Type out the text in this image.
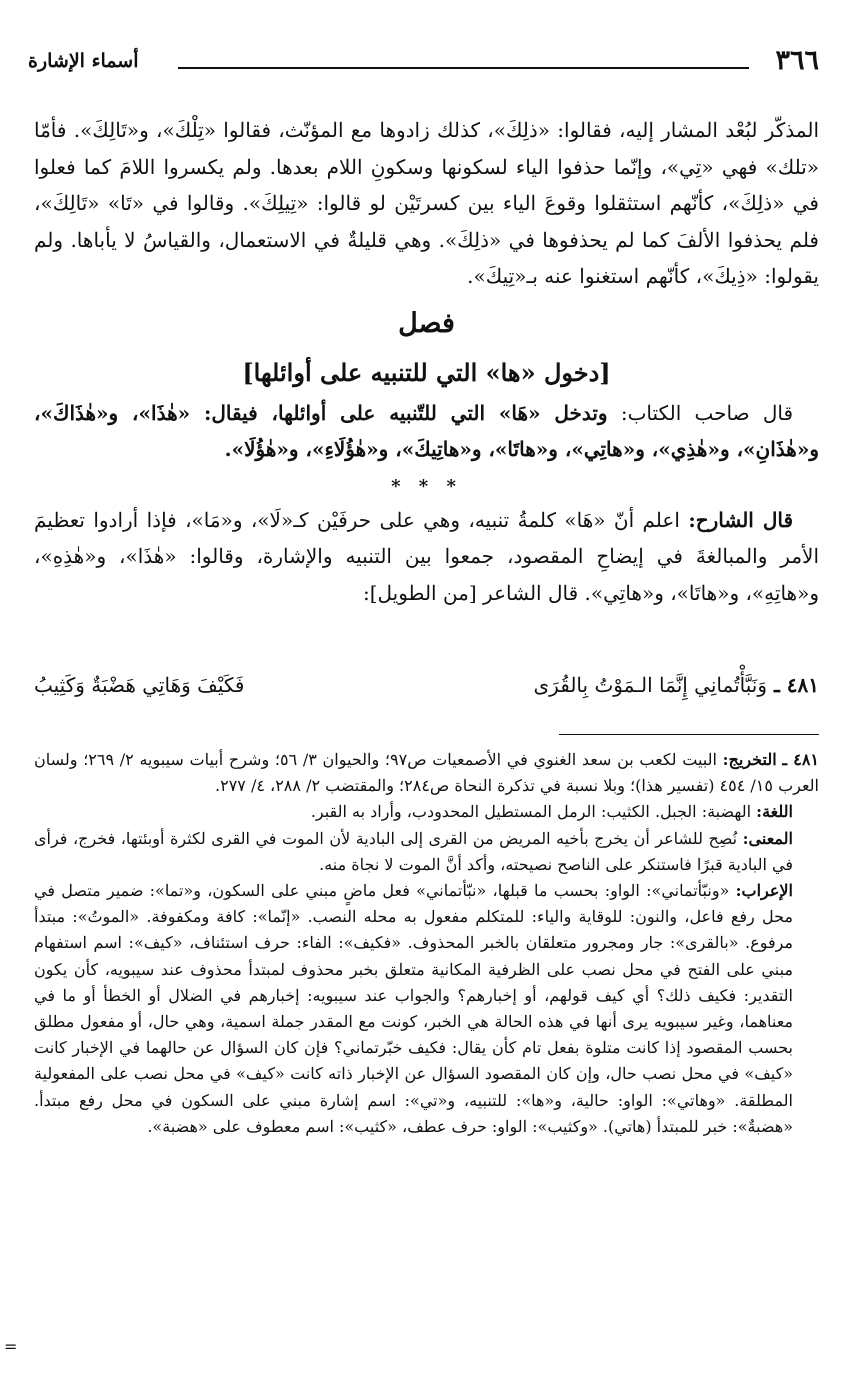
٣٦٦
أسماء الإشارة

المذكّر لبُعْد المشار إليه، فقالوا: «ذلِكَ»، كذلك زادوها مع المؤنّث، فقالوا «تِلْكَ»، و«تَالِكَ». فأمّا «تلك» فهي «تِي»، وإنّما حذفوا الياء لسكونها وسكونِ اللام بعدها. ولم يكسروا اللامَ كما فعلوا في «ذلِكَ»، كأنّهم استثقلوا وقوعَ الياء بين كسرتَيْن لو قالوا: «تِيلِكَ». وقالوا في «تَا» «تَالِكَ»، فلم يحذفوا الألفَ كما لم يحذفوها في «ذلِكَ». وهي قليلةٌ في الاستعمال، والقياسُ لا يأباها. ولم يقولوا: «ذِيكَ»، كأنّهم استغنوا عنه بـ«تِيكَ».

فصل

[دخول «ها» التي للتنبيه على أوائلها]

قال صاحب الكتاب: وتدخل «هَا» التي للتّنبيه على أوائلها، فيقال: «هٰذَا»، و«هٰذَاكَ»، و«هٰذَانِ»، و«هٰذِي»، و«هاتِي»، و«هاتَا»، و«هاتِيكَ»، و«هٰؤُلَاءِ»، و«هٰؤُلَا».

* * *

قال الشارح: اعلم أنّ «هَا» كلمةُ تنبيه، وهي على حرفَيْن كـ«لَا»، و«مَا»، فإذا أرادوا تعظيمَ الأمر والمبالغةَ في إيضاحِ المقصود، جمعوا بين التنبيه والإشارة، وقالوا: «هٰذَا»، و«هٰذِهِ»، و«هاتِهِ»، و«هاتَا»، و«هاتِي». قال الشاعر [من الطويل]:

٤٨١ ـ
وَنَبَّأْتُمانِي إِنَّمَا الـمَوْتُ بِالقُرَى
فَكَيْفَ وَهَاتِي هَضْبَةٌ وَكَثِيبُ

٤٨١ ـ التخريج: البيت لكعب بن سعد الغنوي في الأصمعيات ص٩٧؛ والحيوان ٣/ ٥٦؛ وشرح أبيات سيبويه ٢/ ٢٦٩؛ ولسان العرب ١٥/ ٤٥٤ (تفسير هذا)؛ وبلا نسبة في تذكرة النحاة ص٢٨٤؛ والمقتضب ٢/ ٢٨٨، ٤/ ٢٧٧.

اللغة: الهضبة: الجبل. الكثيب: الرمل المستطيل المحدودب، وأراد به القبر.

المعنى: نُصِح للشاعر أن يخرج بأخيه المريض من القرى إلى البادية لأن الموت في القرى لكثرة أوبئتها، فخرج، فرأى في البادية قبرًا فاستنكر على الناصح نصيحته، وأكد أنَّ الموت لا نجاة منه.

الإعراب: «ونبّأتماني»: الواو: بحسب ما قبلها، «نبّأتماني» فعل ماضٍ مبني على السكون، و«تما»: ضمير متصل في محل رفع فاعل، والنون: للوقاية والياء: للمتكلم مفعول به محله النصب. «إنّما»: كافة ومكفوفة. «الموتُ»: مبتدأ مرفوع. «بالقرى»: جار ومجرور متعلقان بالخبر المحذوف. «فكيف»: الفاء: حرف استئناف، «كيف»: اسم استفهام مبني على الفتح في محل نصب على الظرفية المكانية متعلق بخبر محذوف لمبتدأ محذوف عند سيبويه، كأن يكون التقدير: فكيف ذلك؟ أي كيف قولهم، أو إخبارهم؟ والجواب عند سيبويه: إخبارهم في الضلال أو الخطأ أو ما في معناهما، وغير سيبويه يرى أنها في هذه الحالة هي الخبر، كونت مع المقدر جملة اسمية، وهي حال، أو مفعول مطلق بحسب المقصود إذا كانت متلوة بفعل تام كأن يقال: فكيف خبّرتماني؟ فإن كان السؤال عن حالهما في الإخبار كانت «كيف» في محل نصب حال، وإن كان المقصود السؤال عن الإخبار ذاته كانت «كيف» في محل نصب على المفعولية المطلقة. «وهاتي»: الواو: حالية، و«ها»: للتنبيه، و«تي»: اسم إشارة مبني على السكون في محل رفع مبتدأ. «هضبةٌ»: خبر للمبتدأ (هاتي). «وكثيب»: الواو: حرف عطف، «كثيب»: اسم معطوف على «هضبة».

=
